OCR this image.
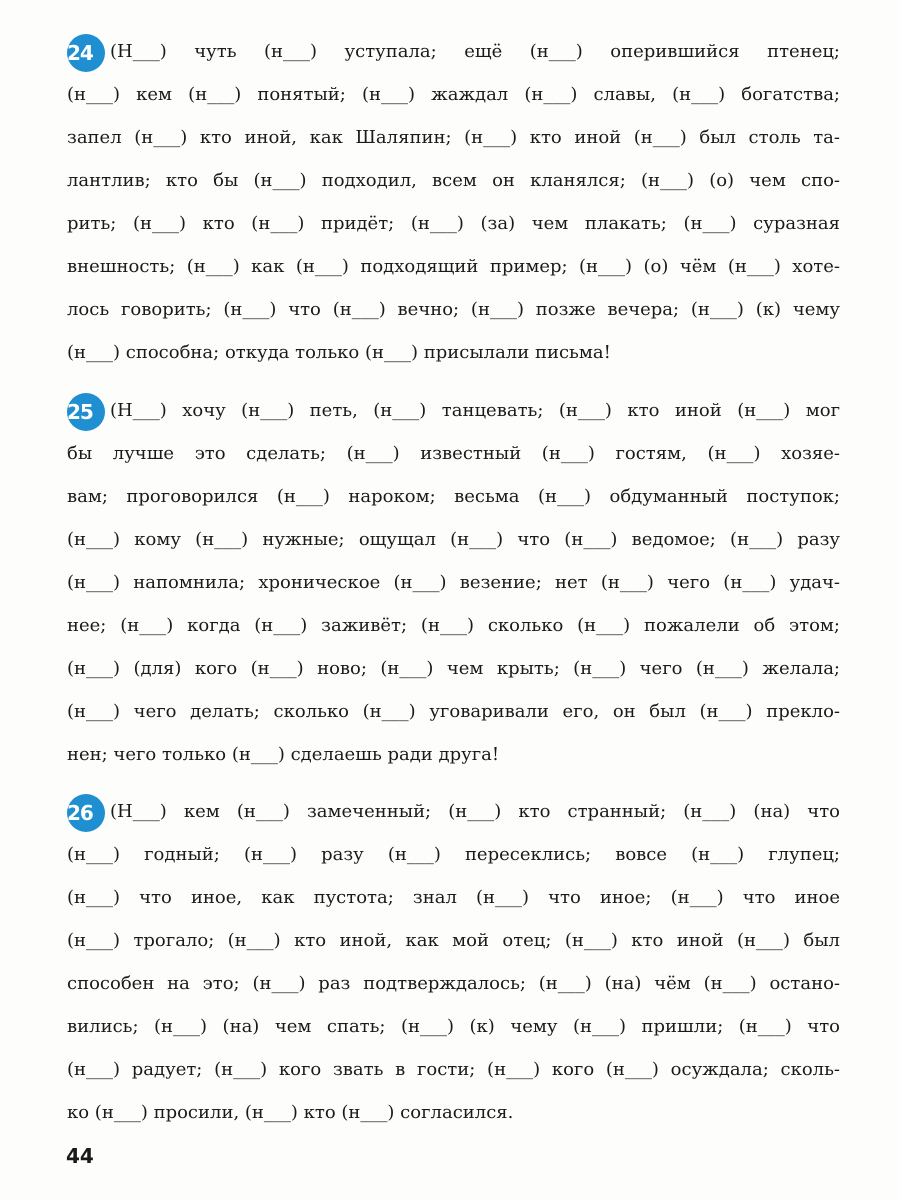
24 (Н___) чуть (н___) уступала; ещё (н___) оперившийся птенец;
(н___) кем (н___) понятый; (н___) жаждал (н___) славы, (н___) богатства;
запел (н___) кто иной, как Шаляпин; (н___) кто иной (н___) был столь та-
лантлив; кто бы (н___) подходил, всем он кланялся; (н___) (о) чем спо-
рить; (н___) кто (н___) придёт; (н___) (за) чем плакать; (н___) суразная
внешность; (н___) как (н___) подходящий пример; (н___) (о) чём (н___) хоте-
лось говорить; (н___) что (н___) вечно; (н___) позже вечера; (н___) (к) чему
(н___) способна; откуда только (н___) присылали письма!
25 (Н___) хочу (н___) петь, (н___) танцевать; (н___) кто иной (н___) мог
бы лучше это сделать; (н___) известный (н___) гостям, (н___) хозяе-
вам; проговорился (н___) нароком; весьма (н___) обдуманный поступок;
(н___) кому (н___) нужные; ощущал (н___) что (н___) ведомое; (н___) разу
(н___) напомнила; хроническое (н___) везение; нет (н___) чего (н___) удач-
нее; (н___) когда (н___) заживёт; (н___) сколько (н___) пожалели об этом;
(н___) (для) кого (н___) ново; (н___) чем крыть; (н___) чего (н___) желала;
(н___) чего делать; сколько (н___) уговаривали его, он был (н___) преклo-
нен; чего только (н___) сделаешь ради друга!
26 (Н___) кем (н___) замеченный; (н___) кто странный; (н___) (на) что
(н___) годный; (н___) разу (н___) пересеклись; вовсе (н___) глупец;
(н___) что иное, как пустота; знал (н___) что иное; (н___) что иное
(н___) трогало; (н___) кто иной, как мой отец; (н___) кто иной (н___) был
способен на это; (н___) раз подтверждалось; (н___) (на) чём (н___) остано-
вились; (н___) (на) чем спать; (н___) (к) чему (н___) пришли; (н___) что
(н___) радует; (н___) кого звать в гости; (н___) кого (н___) осуждала; сколь-
ко (н___) просили, (н___) кто (н___) согласился.
44
